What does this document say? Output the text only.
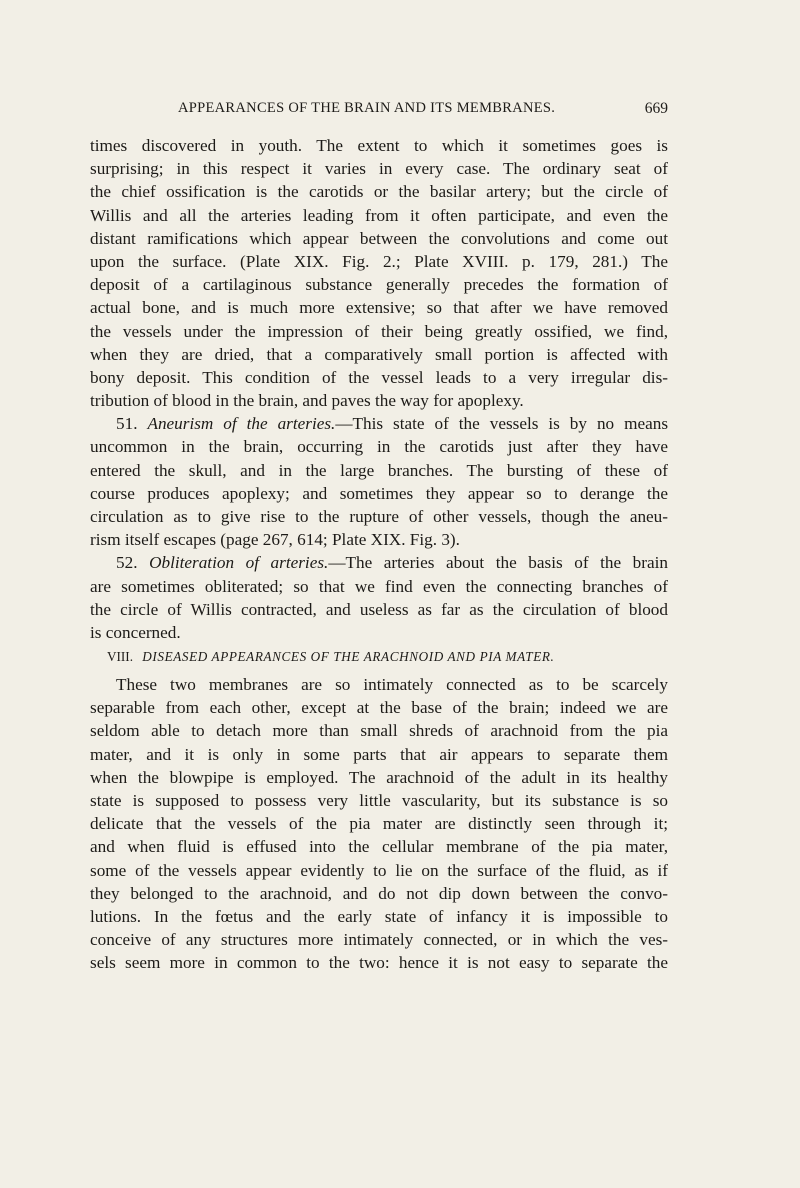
APPEARANCES OF THE BRAIN AND ITS MEMBRANES.	669
times discovered in youth. The extent to which it sometimes goes is
surprising; in this respect it varies in every case. The ordinary seat of
the chief ossification is the carotids or the basilar artery; but the circle of
Willis and all the arteries leading from it often participate, and even the
distant ramifications which appear between the convolutions and come out
upon the surface. (Plate XIX. Fig. 2.; Plate XVIII. p. 179, 281.) The
deposit of a cartilaginous substance generally precedes the formation of
actual bone, and is much more extensive; so that after we have removed
the vessels under the impression of their being greatly ossified, we find,
when they are dried, that a comparatively small portion is affected with
bony deposit. This condition of the vessel leads to a very irregular dis-
tribution of blood in the brain, and paves the way for apoplexy.
51. Aneurism of the arteries.—This state of the vessels is by no means
uncommon in the brain, occurring in the carotids just after they have
entered the skull, and in the large branches. The bursting of these of
course produces apoplexy; and sometimes they appear so to derange the
circulation as to give rise to the rupture of other vessels, though the aneu-
rism itself escapes (page 267, 614; Plate XIX. Fig. 3).
52. Obliteration of arteries.—The arteries about the basis of the brain
are sometimes obliterated; so that we find even the connecting branches of
the circle of Willis contracted, and useless as far as the circulation of blood
is concerned.
VIII. DISEASED APPEARANCES OF THE ARACHNOID AND PIA MATER.
These two membranes are so intimately connected as to be scarcely
separable from each other, except at the base of the brain; indeed we are
seldom able to detach more than small shreds of arachnoid from the pia
mater, and it is only in some parts that air appears to separate them
when the blowpipe is employed. The arachnoid of the adult in its healthy
state is supposed to possess very little vascularity, but its substance is so
delicate that the vessels of the pia mater are distinctly seen through it;
and when fluid is effused into the cellular membrane of the pia mater,
some of the vessels appear evidently to lie on the surface of the fluid, as if
they belonged to the arachnoid, and do not dip down between the convo-
lutions. In the fœtus and the early state of infancy it is impossible to
conceive of any structures more intimately connected, or in which the ves-
sels seem more in common to the two: hence it is not easy to separate the
